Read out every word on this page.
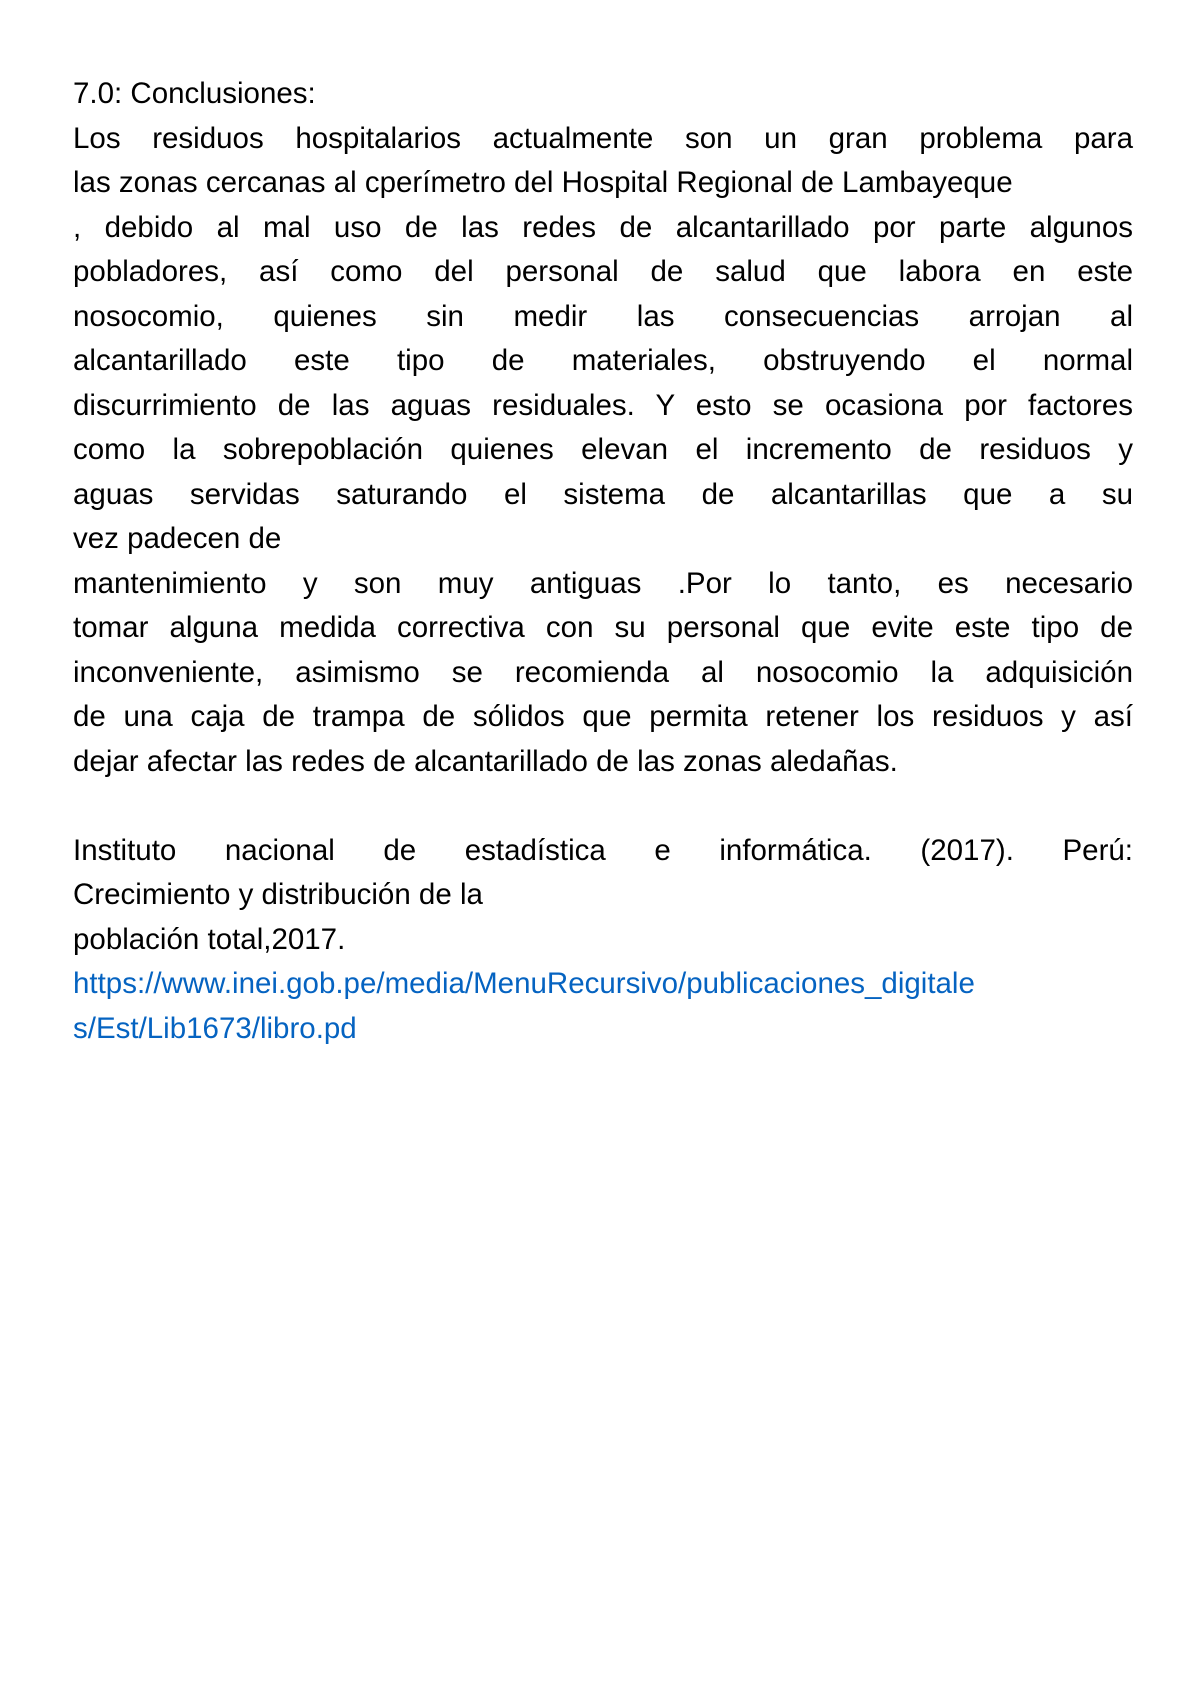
7.0: Conclusiones:
Los residuos hospitalarios actualmente son un gran problema para
las zonas cercanas al cperímetro del Hospital Regional de Lambayeque
, debido al mal uso de las redes de alcantarillado por parte algunos
pobladores, así como del personal de salud que labora en este
nosocomio, quienes sin medir las consecuencias arrojan al
alcantarillado este tipo de materiales, obstruyendo el normal
discurrimiento de las aguas residuales. Y esto se ocasiona por factores
como la sobrepoblación quienes elevan el incremento de residuos y
aguas servidas saturando el sistema de alcantarillas que a su
vez padecen de
mantenimiento y son muy antiguas .Por lo tanto, es necesario
tomar alguna medida correctiva con su personal que evite este tipo de
inconveniente, asimismo se recomienda al nosocomio la adquisición
de una caja de trampa de sólidos que permita retener los residuos y así
dejar afectar las redes de alcantarillado de las zonas aledañas.
Instituto nacional de estadística e informática. (2017). Perú:
Crecimiento y distribución de la
población total,2017.
https://www.inei.gob.pe/media/MenuRecursivo/publicaciones_digitale
s/Est/Lib1673/libro.pd
